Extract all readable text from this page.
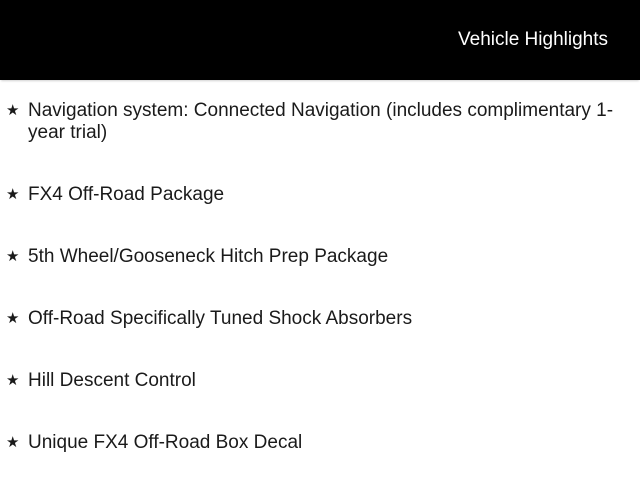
Vehicle Highlights
★ Navigation system: Connected Navigation (includes complimentary 1-year trial)
★ FX4 Off-Road Package
★ 5th Wheel/Gooseneck Hitch Prep Package
★ Off-Road Specifically Tuned Shock Absorbers
★ Hill Descent Control
★ Unique FX4 Off-Road Box Decal
